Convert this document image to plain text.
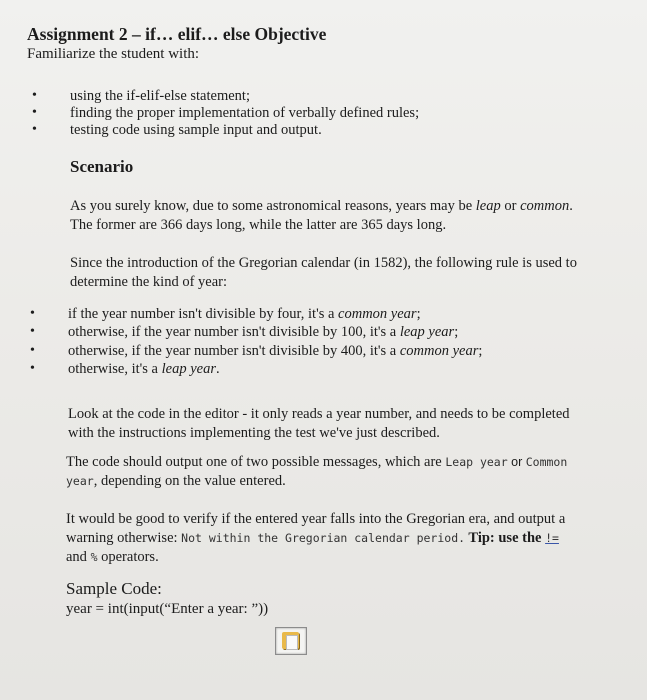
Assignment 2 – if… elif… else Objective
Familiarize the student with:
• using the if-elif-else statement;
• finding the proper implementation of verbally defined rules;
• testing code using sample input and output.
Scenario
As you surely know, due to some astronomical reasons, years may be leap or common.
The former are 366 days long, while the latter are 365 days long.
Since the introduction of the Gregorian calendar (in 1582), the following rule is used to
determine the kind of year:
• if the year number isn't divisible by four, it's a common year;
• otherwise, if the year number isn't divisible by 100, it's a leap year;
• otherwise, if the year number isn't divisible by 400, it's a common year;
• otherwise, it's a leap year.
Look at the code in the editor - it only reads a year number, and needs to be completed
with the instructions implementing the test we've just described.
The code should output one of two possible messages, which are Leap year or Common
year, depending on the value entered.
It would be good to verify if the entered year falls into the Gregorian era, and output a
warning otherwise: Not within the Gregorian calendar period. Tip: use the !=
and % operators.
Sample Code:
year = int(input(“Enter a year: ”))
